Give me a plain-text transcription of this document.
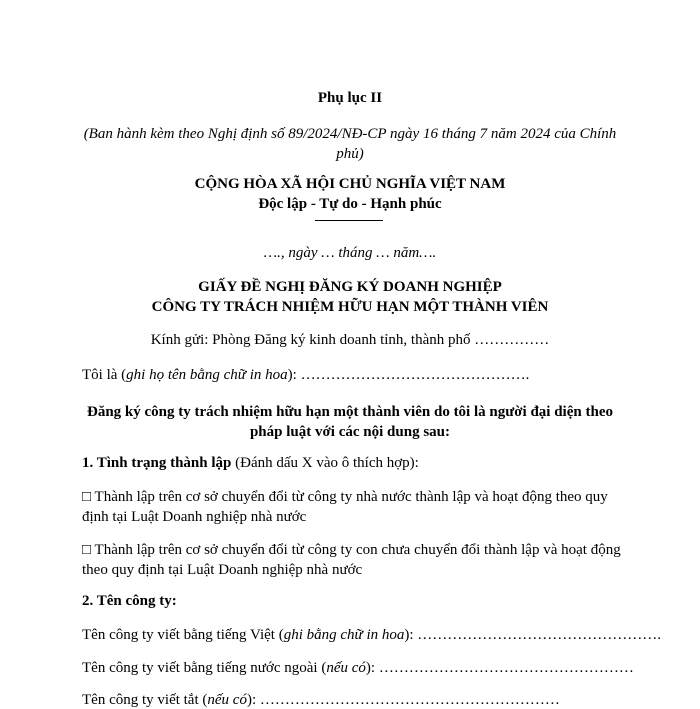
Phụ lục II
(Ban hành kèm theo Nghị định số 89/2024/NĐ-CP ngày 16 tháng 7 năm 2024 của Chính phủ)
CỘNG HÒA XÃ HỘI CHỦ NGHĨA VIỆT NAM
Độc lập - Tự do - Hạnh phúc
…., ngày … tháng … năm….
GIẤY ĐỀ NGHỊ ĐĂNG KÝ DOANH NGHIỆP
CÔNG TY TRÁCH NHIỆM HỮU HẠN MỘT THÀNH VIÊN
Kính gửi: Phòng Đăng ký kinh doanh tỉnh, thành phố ……………
Tôi là (ghi họ tên bằng chữ in hoa): ……………………………………….
Đăng ký công ty trách nhiệm hữu hạn một thành viên do tôi là người đại diện theo pháp luật với các nội dung sau:
1. Tình trạng thành lập (Đánh dấu X vào ô thích hợp):
□ Thành lập trên cơ sở chuyển đổi từ công ty nhà nước thành lập và hoạt động theo quy định tại Luật Doanh nghiệp nhà nước
□ Thành lập trên cơ sở chuyển đổi từ công ty con chưa chuyển đổi thành lập và hoạt động theo quy định tại Luật Doanh nghiệp nhà nước
2. Tên công ty:
Tên công ty viết bằng tiếng Việt (ghi bằng chữ in hoa): ………………………………………….
Tên công ty viết bằng tiếng nước ngoài (nếu có): ……………………………………………
Tên công ty viết tắt (nếu có): ……………………………………………………
